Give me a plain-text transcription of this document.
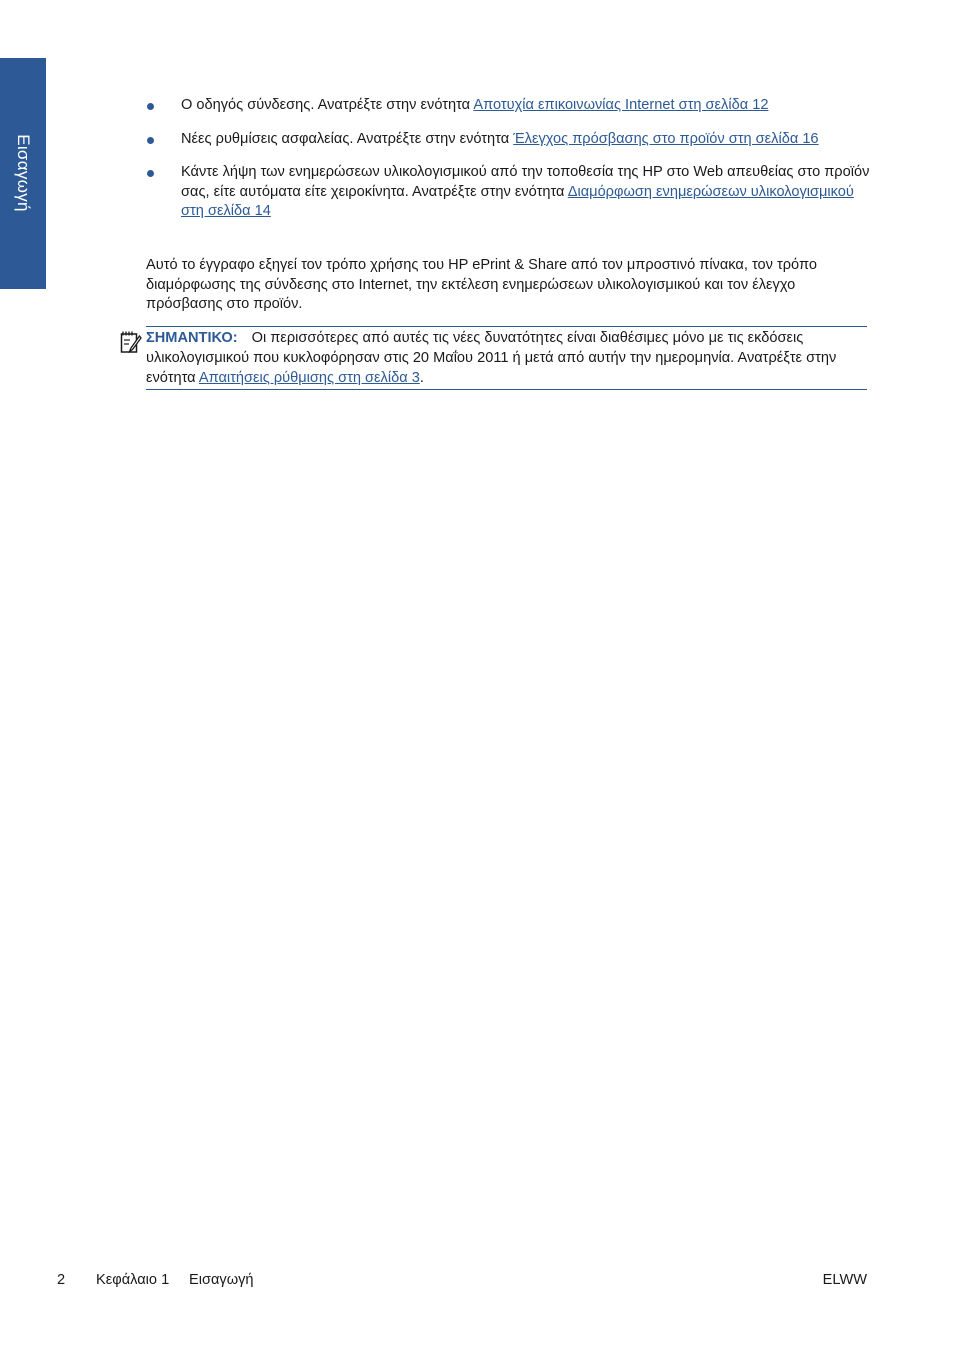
Εισαγωγή
Ο οδηγός σύνδεσης. Ανατρέξτε στην ενότητα Αποτυχία επικοινωνίας Internet στη σελίδα 12
Νέες ρυθμίσεις ασφαλείας. Ανατρέξτε στην ενότητα Έλεγχος πρόσβασης στο προϊόν στη σελίδα 16
Κάντε λήψη των ενημερώσεων υλικολογισμικού από την τοποθεσία της HP στο Web απευθείας στο προϊόν σας, είτε αυτόματα είτε χειροκίνητα. Ανατρέξτε στην ενότητα Διαμόρφωση ενημερώσεων υλικολογισμικού στη σελίδα 14

Αυτό το έγγραφο εξηγεί τον τρόπο χρήσης του HP ePrint & Share από τον μπροστινό πίνακα, τον τρόπο διαμόρφωσης της σύνδεσης στο Internet, την εκτέλεση ενημερώσεων υλικολογισμικού και τον έλεγχο πρόσβασης στο προϊόν.

ΣΗΜΑΝΤΙΚΟ: Οι περισσότερες από αυτές τις νέες δυνατότητες είναι διαθέσιμες μόνο με τις εκδόσεις υλικολογισμικού που κυκλοφόρησαν στις 20 Μαΐου 2011 ή μετά από αυτήν την ημερομηνία. Ανατρέξτε στην ενότητα Απαιτήσεις ρύθμισης στη σελίδα 3.
2 Κεφάλαιο 1 Εισαγωγή	ELWW
